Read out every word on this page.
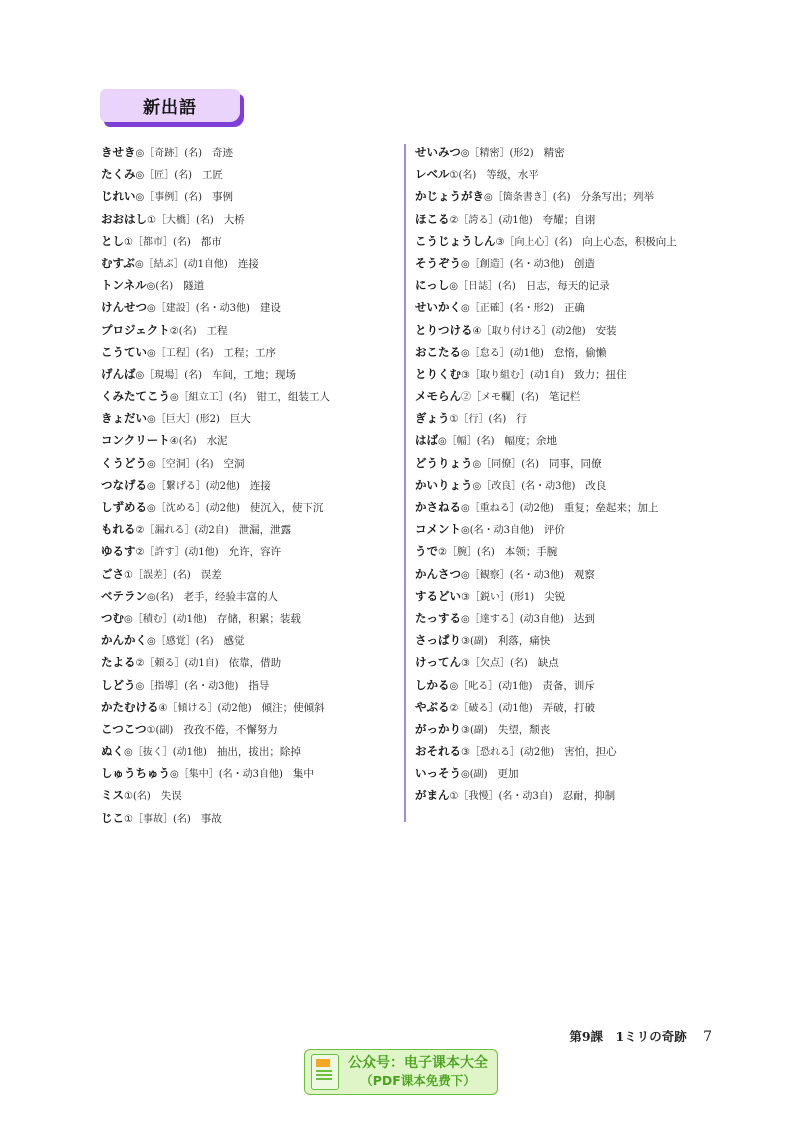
新出語
きせき◎［奇跡］(名) 奇迹
たくみ◎［匠］(名) 工匠
じれい◎［事例］(名) 事例
おおはし①［大橋］(名) 大桥
とし①［都市］(名) 都市
むすぶ◎［結ぶ］(动1自他) 连接
トンネル◎(名) 隧道
けんせつ◎［建設］(名・动3他) 建设
プロジェクト②(名) 工程
こうてい◎［工程］(名) 工程；工序
げんば◎［現場］(名) 车间，工地；现场
くみたてこう◎［組立工］(名) 钳工，组装工人
きょだい◎［巨大］(形2) 巨大
コンクリート④(名) 水泥
くうどう◎［空洞］(名) 空洞
つなげる◎［繋げる］(动2他) 连接
しずめる◎［沈める］(动2他) 使沉入，使下沉
もれる②［漏れる］(动2自) 泄漏，泄露
ゆるす②［許す］(动1他) 允许，容许
ごさ①［誤差］(名) 误差
ベテラン◎(名) 老手，经验丰富的人
つむ◎［積む］(动1他) 存储，积累；装载
かんかく◎［感覚］(名) 感觉
たよる②［頼る］(动1自) 依靠，借助
しどう◎［指導］(名・动3他) 指导
かたむける④［傾ける］(动2他) 倾注；使倾斜
こつこつ①(副) 孜孜不倦，不懈努力
ぬく◎［抜く］(动1他) 抽出，拔出；除掉
しゅうちゅう◎［集中］(名・动3自他) 集中
ミス①(名) 失误
じこ①［事故］(名) 事故
せいみつ◎［精密］(形2) 精密
レベル①(名) 等级，水平
かじょうがき◎［箇条書き］(名) 分条写出；列举
ほこる②［誇る］(动1他) 夸耀；自诩
こうじょうしん③［向上心］(名) 向上心态，积极向上
そうぞう◎［創造］(名・动3他) 创造
にっし◎［日誌］(名) 日志，每天的记录
せいかく◎［正確］(名・形2) 正确
とりつける④［取り付ける］(动2他) 安装
おこたる◎［怠る］(动1他) 怠惰，偷懒
とりくむ③［取り組む］(动1自) 致力；扭住
メモらん②［メモ欄］(名) 笔记栏
ぎょう①［行］(名) 行
はば◎［幅］(名) 幅度；余地
どうりょう◎［同僚］(名) 同事，同僚
かいりょう◎［改良］(名・动3他) 改良
かさねる◎［重ねる］(动2他) 重复；垒起来；加上
コメント◎(名・动3自他) 评价
うで②［腕］(名) 本领；手腕
かんさつ◎［観察］(名・动3他) 观察
するどい③［鋭い］(形1) 尖锐
たっする◎［達する］(动3自他) 达到
さっぱり③(副) 利落，痛快
けってん③［欠点］(名) 缺点
しかる◎［叱る］(动1他) 责备，训斥
やぶる②［破る］(动1他) 弄破，打破
がっかり③(副) 失望，颓丧
おそれる③［恐れる］(动2他) 害怕，担心
いっそう◎(副) 更加
がまん①［我慢］(名・动3自) 忍耐，抑制
第9課　1ミリの奇跡 7
公众号：电子课本大全
（PDF课本免费下）
